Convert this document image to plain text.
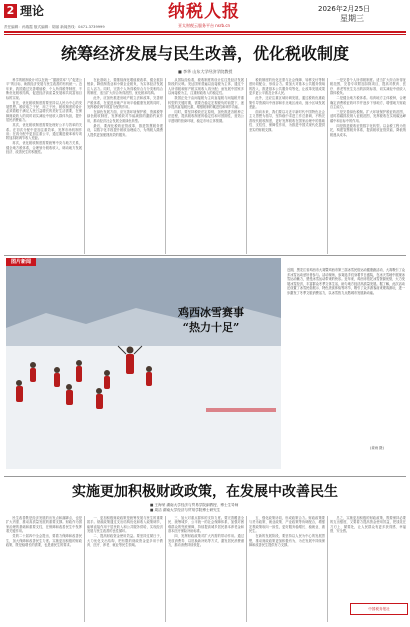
2 理论	纳税人报
亚太财税云服务平台 nsrb.cn
2026年2月25日
星期三
责任编辑：孙瑞霞 版式编辑：胡丽 新闻热线：0471-3739999
统筹经济发展与民生改善，优化税收制度
■ 李华 山东大学经济学院教授

科学的税制设计可以在统一“激励效率”与“促进公平”的目标，助推经济发展与民生改善的有机统一。近年来，我国通过完善增值税、个人所得税等制度，不断优化税收结构，促进经济高质量发展和共同富裕目标的实现。

首先，优化税收制度需要坚持以人民为中心的发展思想。税收取之于民、用之于民，税收制度的设计必须着眼于满足人民日益增长的美好生活需要，在保障财政收入的同时切实减轻中低收入群体负担，提升居民消费能力。

其次，优化税收制度需要处理好公平与效率的关系。在初次分配中更加注重效率，发挥市场机制作用；在再分配中更加注重公平，通过累进税率和专项附加扣除调节收入差距。

再次，优化税收制度需要统筹中央与地方关系，健全地方税体系，合理划分税收收入，调动地方发展经济、改善民生的积极性。

在此基础上，要继续深化增值税改革，健全抵扣链条，降低制造业和小微企业税负，为实体经济发展注入活力。同时，完善个人所得税综合与分类相结合的制度，适当扩大综合所得范围，优化税率结构。

此外，应加快推进房地产税立法和改革，完善财产税体系，在促进房地产市场平稳健康发展的同时，发挥税收调节财富分配的作用。

在绿色发展方面，应完善环境保护税、资源税等绿色税收制度，发挥税收对节能减排的激励约束作用，推动经济社会发展全面绿色转型。

最后，要深化税收征管改革，推进智慧税务建设，以数字化手段提升税收治理能力，为纳税人缴费人提供更加便捷高效的服务。

从国际经验看，税收制度的设计往往是经济发展阶段的反映。发达国家普遍以直接税为主体，通过个人所得税和财产税实现收入再分配；而发展中国家多以间接税为主，注重财政收入的稳定性。

我国正处于由间接税为主向直接税与间接税并重转型的关键时期，需要在稳定宏观税负的前提下，逐步提高直接税比重，增强税制的累进性和调节功能。

同时，要坚持税收法定原则，加快推进各税种立法进程，提高税收制度的稳定性和可预期性，营造公平透明的营商环境，稳定市场主体预期。

税收制度的优化还需与社会保障、转移支付等制度协同配合，形成合力。要加大对基本公共服务领域的投入，推进基本公共服务均等化，让改革发展成果更多更公平惠及全体人民。

此外，还应注重区域协调发展，通过税收优惠政策引导资源向中西部和东北地区流动，缩小区域发展差距。

面向未来，我们要以习近平新时代中国特色社会主义思想为指导，坚持稳中求进工作总基调，不断完善现代税收制度，更好发挥税收在国家治理中的基础性、支柱性、保障性作用，为推进中国式现代化提供坚实的财税支撑。

一是完善个人所得税制度。适当扩大综合所得征税范围，完善专项附加扣除项目，提高对教育、医疗、养老等民生支出的扣除标准，切实减轻中低收入群体税负。

二是健全地方税体系。培育地方主体税种，合理确定消费税征收环节并逐步下划地方，增强地方财政自主能力。

三是完善绿色税制。扩大环境保护税征收范围，适时将碳排放纳入征税范围，发挥税收在实现碳达峰碳中和目标中的作用。

四是推进税收征管数字化转型。以金税工程为依托，构建智慧税务体系，提高税收征管效能，降低纳税遵从成本。

图片新闻
鸡西冰雪赛事
“热力十足”
近期，黑龙江省鸡西市大赛暨鸡西市第三届冰雪民俗运动健康跑活动，大赛吸引了众多冰雪运动爱好者参与。活动现场，参赛选手们身着节日盛装，在冰天雪地中展现冰雪运动魅力，感受冰雪运动带来的快乐。近年来，鸡西市依托冰雪资源优势，大力发展冰雪经济，丰富群众冬季文体生活，助力地方经济高质量发展。据了解，此次活动还设置了冰雪民俗展示、特色美食体验等环节，吸引了众多游客前来观赛游玩，进一步激发了冬季文旅消费活力，以冰雪热力点燃城市发展新动能。
(姜雨 摄)
实施更加积极财政政策，在发展中改善民生
■ 王海荣 湖南大学经济与贸易学院副教授、博士生导师
■ 周洁 湖南大学经济与贸易学院博士研究生

民生改善既是经济发展的出发点和落脚点，也是扩大内需、推动高质量发展的重要支撑。财政作为国家治理的基础和重要支柱，在保障和改善民生中发挥着关键作用。

党的二十届四中全会提出，要着力保障和改善民生，加大保障和改善民生力度。实施更加积极的财政政策，既是稳增长的需要，也是惠民生的要求。

一、更加积极财政政策是统筹发展与民生的重要抓手。财政政策通过支出结构优化和收入政策调节，能够直接作用于居民收入和公共服务供给，实现经济发展与民生改善的良性循环。

二、提高财政资金使用效益。要坚持过紧日子，大力优化支出结构，把有限的财政资金更多用于教育、医疗、养老、就业等民生领域。

三、加大对重点群体的支持力度。要完善覆盖全民、统筹城乡、公平统一的社会保障体系，加强对困难群众的兜底保障，持续提高城乡居民基本养老金和基本医疗保险补助标准。

四、发挥财政政策对扩大内需的带动作用。通过发放消费券、以旧换新补贴等方式，激发居民消费潜力，推动消费持续恢复。

五、强化政策协同，形成政策合力。财政政策要与货币政策、就业政策、产业政策等协调配合，增强宏观政策取向一致性，更好服务稳增长、稳就业、惠民生。

在新的发展阶段，要坚持以人民为中心的发展思想，推动财政政策更加积极有为，为在发展中持续保障和改善民生提供有力支撑。

总之，实施更加积极的财政政策，既要保持必要的支出强度，又要着力提高资金使用效益，把钱花在刀刃上、紧要处，让人民群众有更多获得感、幸福感、安全感。

中国税务报社
